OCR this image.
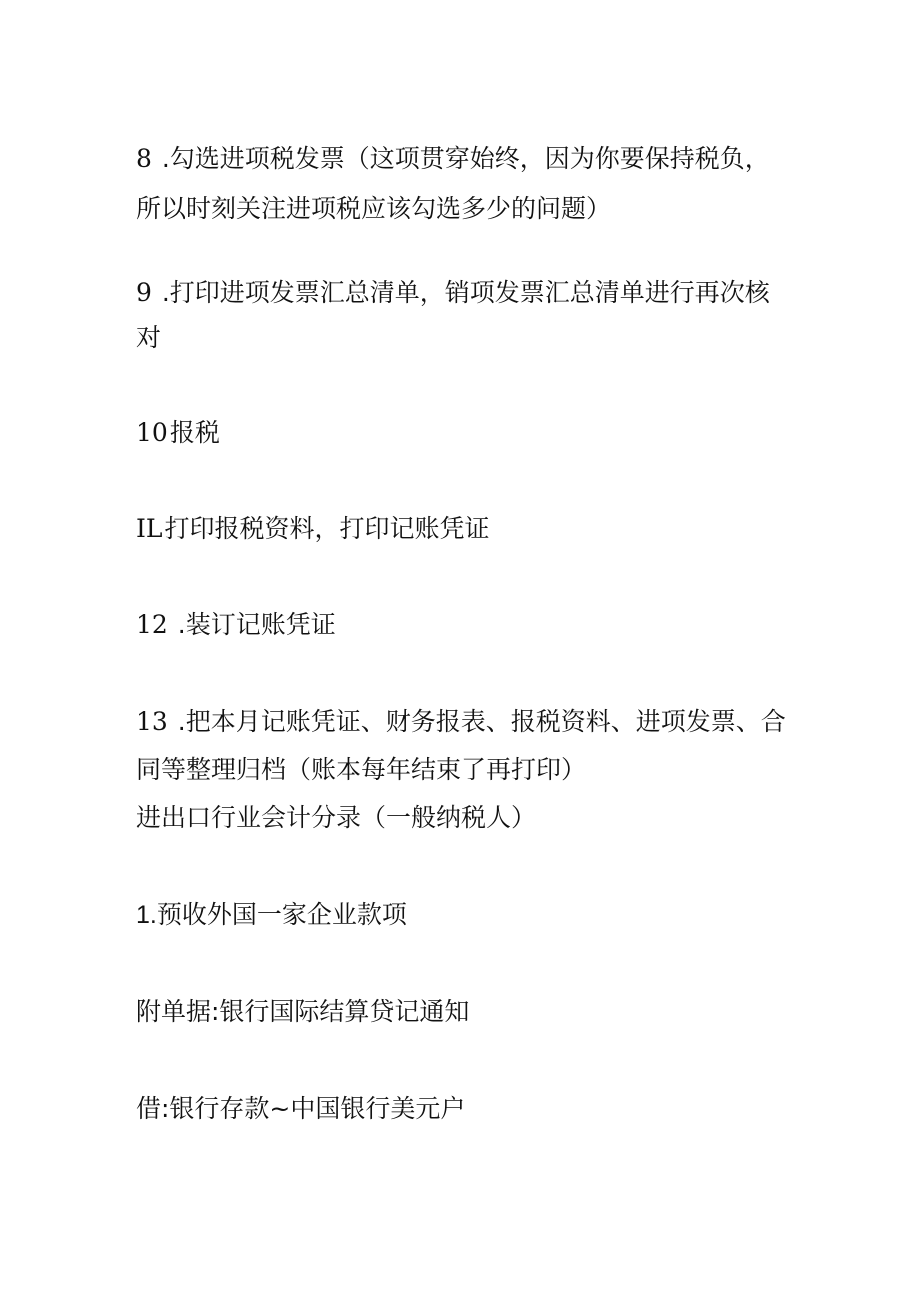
8 .勾选进项税发票（这项贯穿始终，因为你要保持税负，
所以时刻关注进项税应该勾选多少的问题）
9 .打印进项发票汇总清单，销项发票汇总清单进行再次核
对
10报税
IL打印报税资料，打印记账凭证
12 .装订记账凭证
13 .把本月记账凭证、财务报表、报税资料、进项发票、合
同等整理归档（账本每年结束了再打印）
进出口行业会计分录（一般纳税人）
1.预收外国一家企业款项
附单据:银行国际结算贷记通知
借:银行存款~中国银行美元户
